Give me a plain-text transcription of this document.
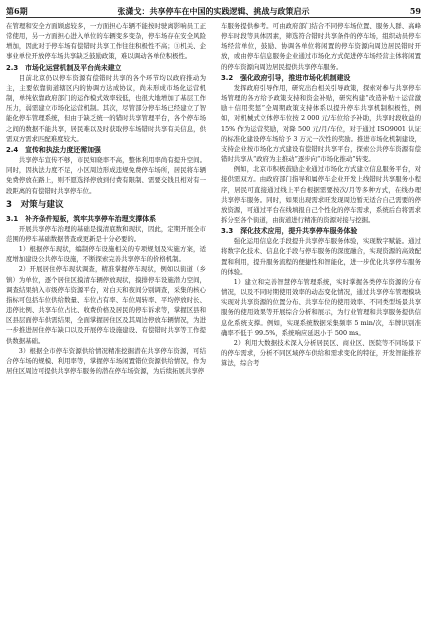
第6期	张潇戈：共享停车在中国的实践逻辑、挑战与政策启示	59

在管理和安全方面顾虑较多，一方面担心车辆不能按时驶离影响员工正常使用，另一方面担心进入单位的车辆变多变杂，停车场存在安全风险增加，因此对于停车场有偿错时共享工作往往积极性不高；③机关、企事业单位开放停车场共享缺乏鼓励政策，难以调动各单位积极性。

2.3　市场化运营机制及平台尚未建立

目前北京仍以停车资源有偿错时共享的各个环节均以政府推动为主，主要依靠街道辖区内的协调方达成协议，尚未形成市场化运营机制，单纯依靠政府部门的运作模式效率较低，也很大地增加了基层工作压力，弱需建立市场化运营机制。其次，尽管部分停车场已经建立了智能化停车管理系统，但由于缺乏统一的错时共享管理平台，各个停车场之间的数据不能共享，居民难以及时获取停车场错时共享有关信息，供需双方需求匹配难度较大。

2.4　宣传和执法力度还需加强

共享停车宣传不够，市民知晓率不高，整体利用率尚有提升空间。同时，因执法力度不足，小区周边形成违规免费停车场所，居民将车辆免费停放在路上，则不愿选择停放到付费有限制、需要交钱且相对有一段距离的有偿错时共享停车位。

3　对策与建议
3.1　补齐条件短板，筑牢共享停车治理支撑体系

开展共享停车治理的基础是摸清底数和现状，因此，定期开展全市范围的停车基础数据普查或更新是十分必要的。

1）根据停车现状，编制停车设施相关的专项规划及实施方案，适度增加建设公共停车设施，不断探索完善共享停车的价格机制。

2）开展居住停车现状调查，精准掌握停车现状，例如以街道（乡镇）为单位，逐个居住区摸清车辆停放现状，摸排停车设施潜力空间，调查结果纳入市级停车资源平台，对白天和夜间分别调查，采集的核心指标可包括车位供给数量、车位占有率、车位周转率、平均停放时长、违停比例、共享车位占比、收费价格及居民的停车诉求等，掌握区县和区县层面停车供需结果，全面掌握居住区及其周边停放车辆情况，为进一步推进居住停车缺口以及开展停车设施建设、有偿错时共享等工作提供数据基础。

3）根据全市停车资源供给情况精准挖掘潜在共享停车资源，可结合停车场的规模、利用率等，掌握停车场闲置错位资源供给情况，作为居住区周边可提供共享停车服务的潜在停车场资源，为后续拓展共享停

车服务提供参考。可由政府部门结合不同停车场位置、服务人群、高峰停车时段等具体因素，筛选符合错时共享条件的停车场，组织动员停车场经营单位，鼓励、协调各单位将闲置的停车资源向周边居民错时开放，或由停车信息服务企业通过市场化方式促进停车场经营主体将闲置的停车资源向周边居民提供共享停车服务。

3.2　强化政府引导，推进市场化机制建设

发挥政府引导作用，研究出台相关引导政策，探索对参与共享停车场管理的各方给予政策支持和资金补贴，研究构建“改造补贴＋运营激励＋信用奖惩”全周期政策支持体系以提升停车共享机制积极性，例如，对机械式立体停车位按 2 000 元/车位给予补助，共享时段收益的 15% 作为运营奖励，对降 500 元/月/车位，对于通过 ISO9001 认证的标准化建设停车场给予 3 万元一次性的奖励。推进市场化机制建设，支持企业按市场化方式建设有偿错时共享平台，探索公共停车资源有偿错时共享从“政府为主推动”逐步向“市场化推动”转变。

例如，北京市积极鼓励企业通过市场化方式建立信息服务平台，对接供需双方。由政府部门指导和属停车企业开发上线错时共享服务小程序，居民可直接通过线上平台根据需要按次/月等多种方式，在线办理共享停车服务。同时，如果出现需求旺发现周边暂无适合自己需要的停放资源，可通过平台在线填报自己个性化的停车需求，系统后台将需求拆分至各个街道，由街道进行精准的资源对接与挖掘。

3.3　深化技术应用，提升共享停车服务体验

强化运用信息化手段提升共享停车服务体验，实现数字赋能。通过将数字化技术、信息化手段与停车服务的深度融合，实现资源的高效配置和利用，提升服务流程的便捷性和智能化，进一步优化共享停车服务的体验。

1）建立和完善智慧停车管理系统，实时掌握各类停车资源的分布情况，以及不同时期使用效率的动态变化情况，通过共享停车管理模块实现对共享资源的位置分布、共享车位的使用效率、不同类型场景共享服务的使用效果等开展综合分析和展示，为行业管理和共享服务提供信息化系统支撑。例如，实现系统数据采集频率 5 min/次，车牌识别准确率不低于 99.5%，系统响应延迟小于 500 ms。

2）利用大数据技术深入分析居民区、商业区、医院等不同场景下的停车需求，分析不同区域停车供给和需求变化的特征，开发智能推荐算法，综合考
